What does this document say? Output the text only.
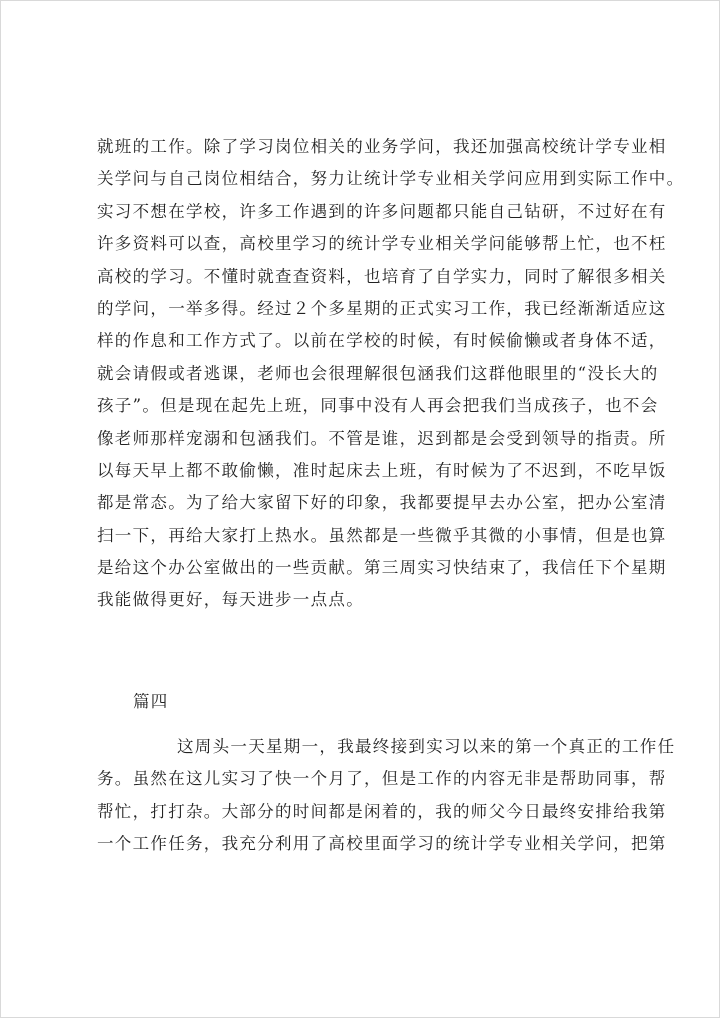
就班的工作。除了学习岗位相关的业务学问，我还加强高校统计学专业相
关学问与自己岗位相结合，努力让统计学专业相关学问应用到实际工作中。
实习不想在学校，许多工作遇到的许多问题都只能自己钻研，不过好在有
许多资料可以查，高校里学习的统计学专业相关学问能够帮上忙，也不枉
高校的学习。不懂时就查查资料，也培育了自学实力，同时了解很多相关
的学问，一举多得。经过２个多星期的正式实习工作，我已经渐渐适应这
样的作息和工作方式了。以前在学校的时候，有时候偷懒或者身体不适，
就会请假或者逃课，老师也会很理解很包涵我们这群他眼里的“没长大的
孩子”。但是现在起先上班，同事中没有人再会把我们当成孩子，也不会
像老师那样宠溺和包涵我们。不管是谁，迟到都是会受到领导的指责。所
以每天早上都不敢偷懒，准时起床去上班，有时候为了不迟到，不吃早饭
都是常态。为了给大家留下好的印象，我都要提早去办公室，把办公室清
扫一下，再给大家打上热水。虽然都是一些微乎其微的小事情，但是也算
是给这个办公室做出的一些贡献。第三周实习快结束了，我信任下个星期
我能做得更好，每天进步一点点。
篇四
这周头一天星期一，我最终接到实习以来的第一个真正的工作任
务。虽然在这儿实习了快一个月了，但是工作的内容无非是帮助同事，帮
帮忙，打打杂。大部分的时间都是闲着的，我的师父今日最终安排给我第
一个工作任务，我充分利用了高校里面学习的统计学专业相关学问，把第
